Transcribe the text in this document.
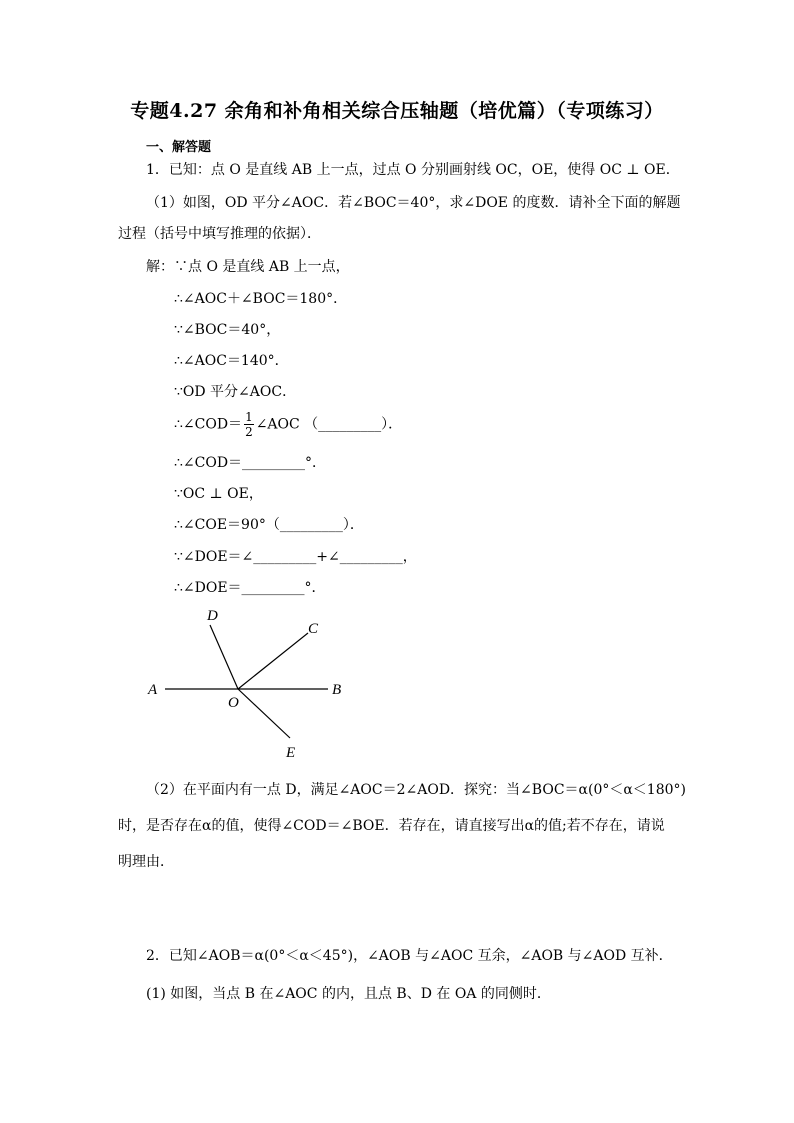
专题4.27 余角和补角相关综合压轴题（培优篇）（专项练习）
一、解答题
1．已知：点 O 是直线 AB 上一点，过点 O 分别画射线 OC，OE，使得 OC ⊥ OE．
（1）如图，OD 平分∠AOC．若∠BOC＝40°，求∠DOE 的度数．请补全下面的解题
过程（括号中填写推理的依据）．
解：∵点 O 是直线 AB 上一点，
∴∠AOC＋∠BOC＝180°．
∵∠BOC＝40°，
∴∠AOC＝140°．
∵OD 平分∠AOC．
∴∠COD＝ $\frac{1}{2}$ ∠AOC （_________）．
∴∠COD＝_________°．
∵OC ⊥ OE，
∴∠COE＝90°（_________）．
∵∠DOE＝∠_________+∠_________，
∴∠DOE＝_________°．
A	B
C
D
E
O
（2）在平面内有一点 D，满足∠AOC＝2∠AOD．探究：当∠BOC＝α(0°＜α＜180°)
时，是否存在α的值，使得∠COD＝∠BOE．若存在，请直接写出α的值;若不存在，请说
明理由．
2．已知∠AOB＝α(0°＜α＜45°)，∠AOB 与∠AOC 互余，∠AOB 与∠AOD 互补．
(1) 如图，当点 B 在∠AOC 的内，且点 B、D 在 OA 的同侧时．
